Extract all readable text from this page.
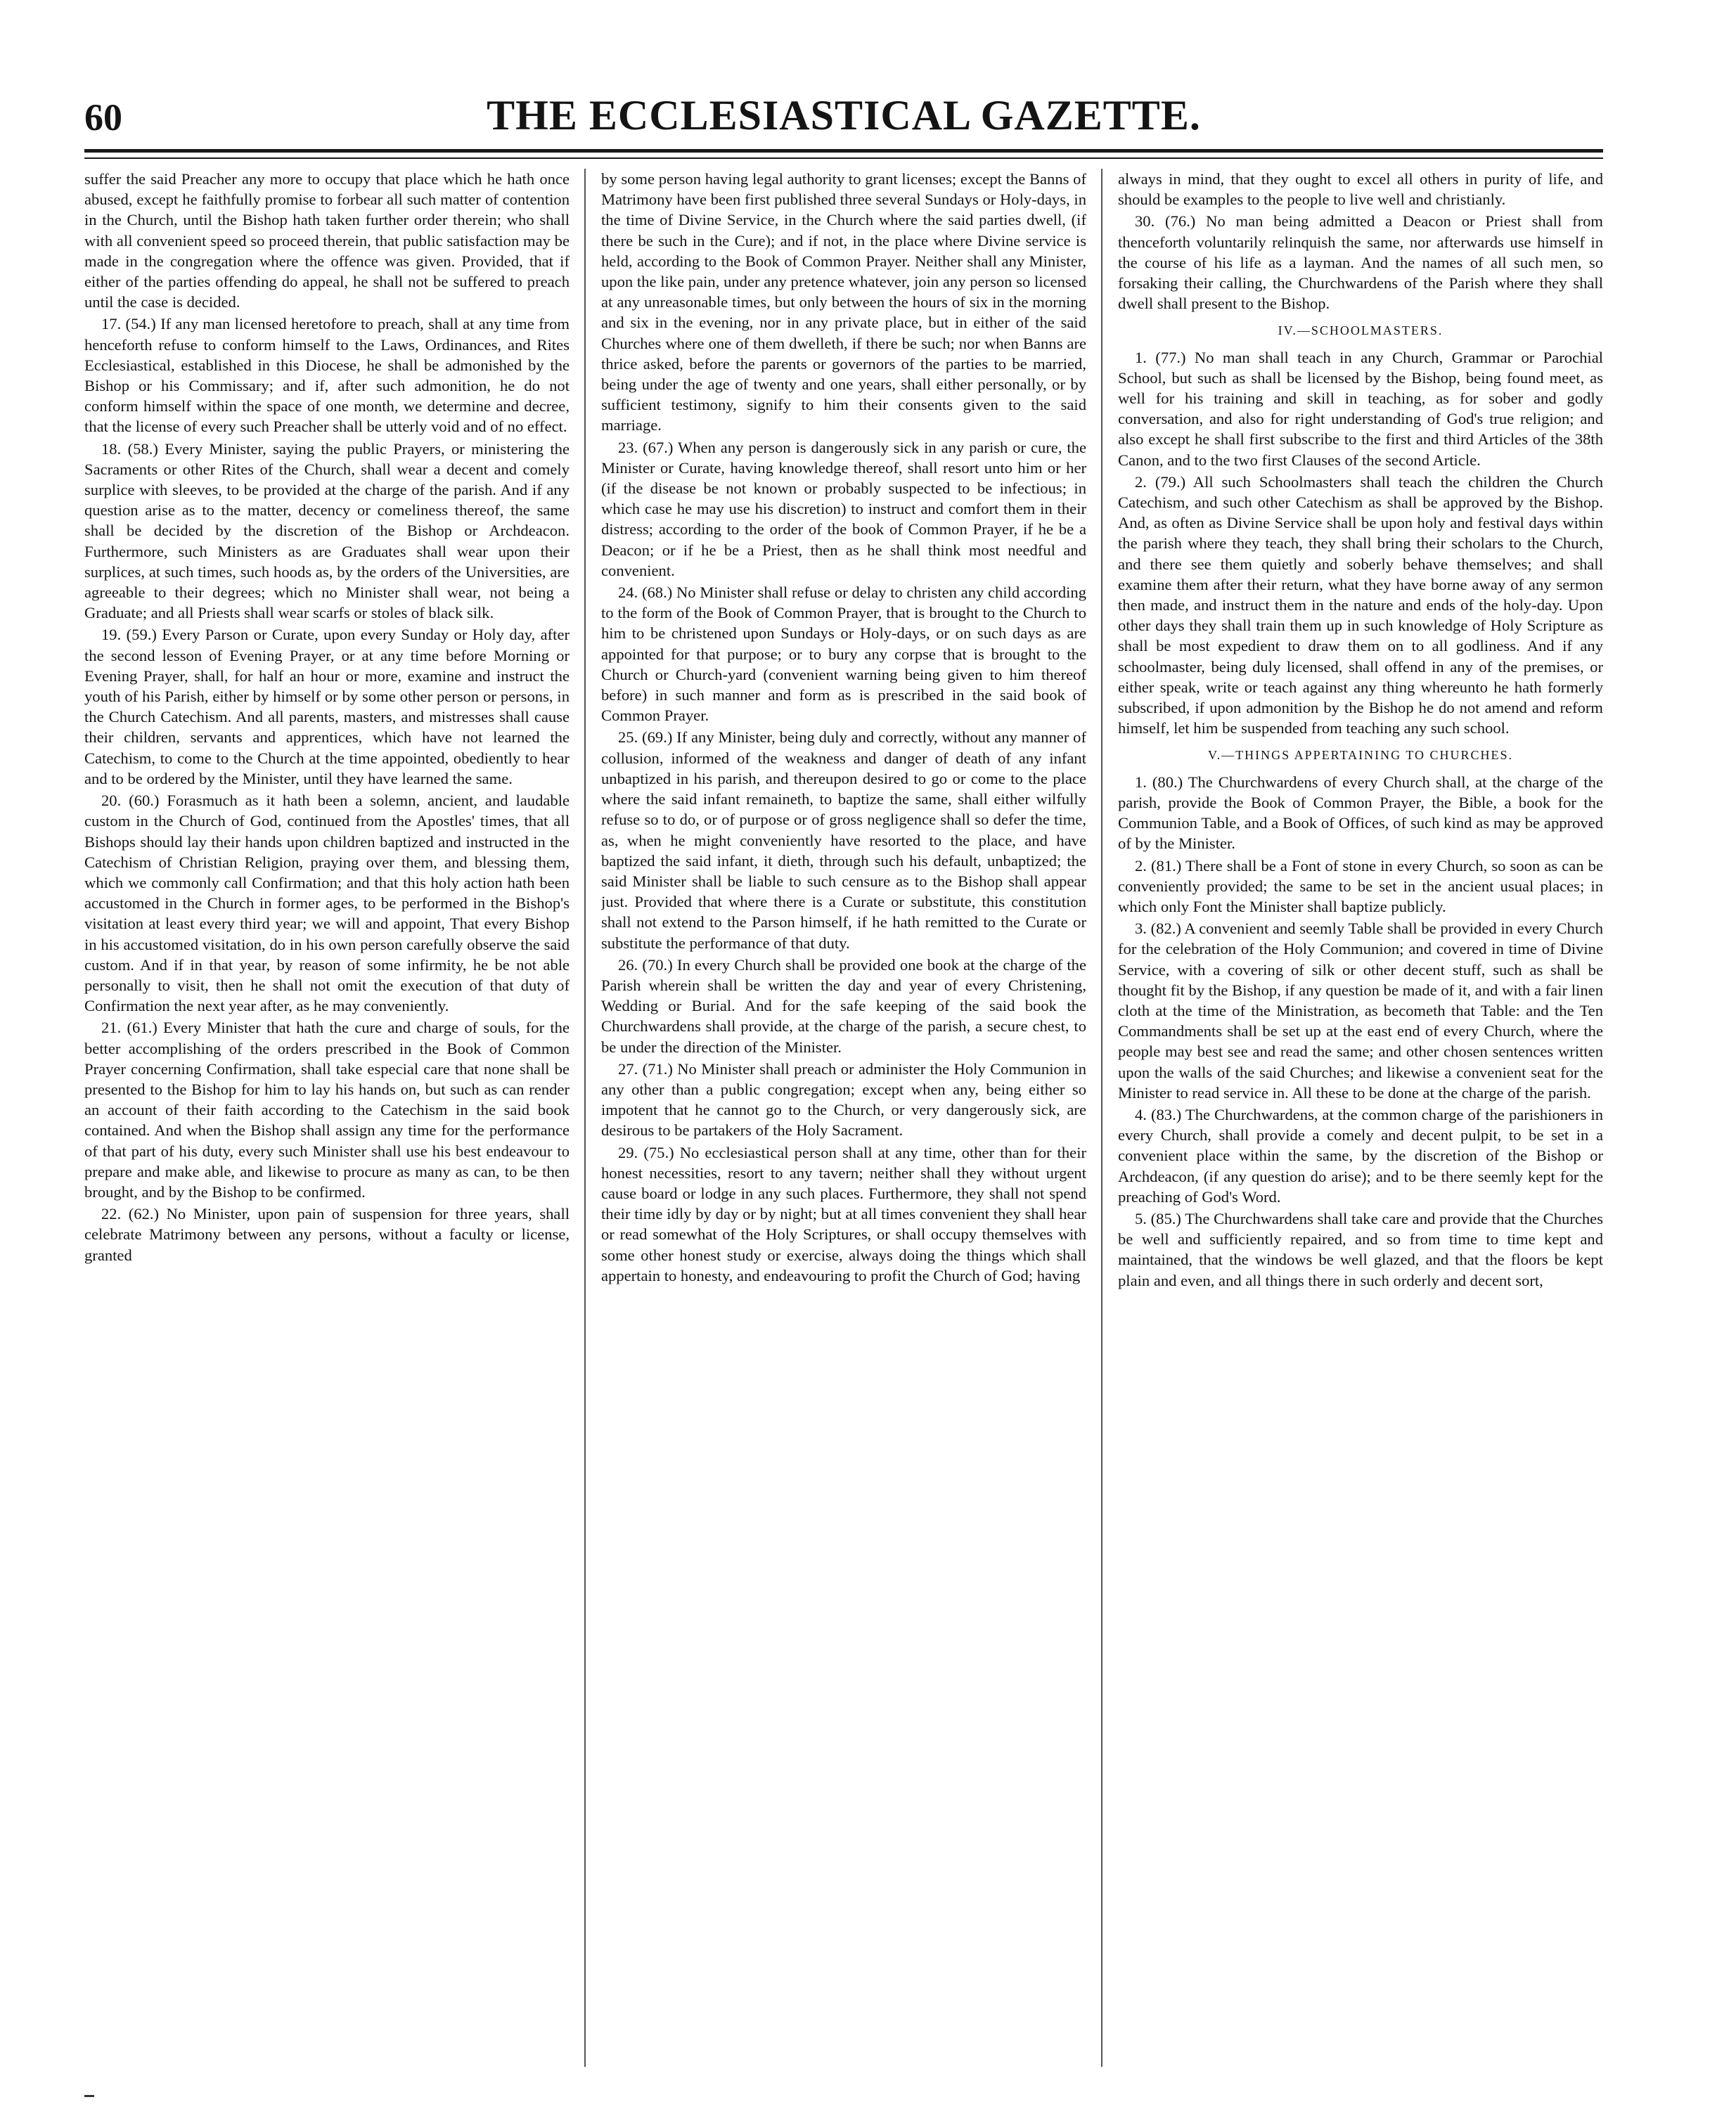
60	THE ECCLESIASTICAL GAZETTE.

suffer the said Preacher any more to occupy that place which he hath once abused, except he faithfully promise to forbear all such matter of contention in the Church, until the Bishop hath taken further order therein; who shall with all convenient speed so proceed therein, that public satisfaction may be made in the congregation where the offence was given. Provided, that if either of the parties offending do appeal, he shall not be suffered to preach until the case is decided.

17. (54.) If any man licensed heretofore to preach, shall at any time from henceforth refuse to conform himself to the Laws, Ordinances, and Rites Ecclesiastical, established in this Diocese, he shall be admonished by the Bishop or his Commissary; and if, after such admonition, he do not conform himself within the space of one month, we determine and decree, that the license of every such Preacher shall be utterly void and of no effect.

18. (58.) Every Minister, saying the public Prayers, or ministering the Sacraments or other Rites of the Church, shall wear a decent and comely surplice with sleeves, to be provided at the charge of the parish. And if any question arise as to the matter, decency or comeliness thereof, the same shall be decided by the discretion of the Bishop or Archdeacon. Furthermore, such Ministers as are Graduates shall wear upon their surplices, at such times, such hoods as, by the orders of the Universities, are agreeable to their degrees; which no Minister shall wear, not being a Graduate; and all Priests shall wear scarfs or stoles of black silk.

19. (59.) Every Parson or Curate, upon every Sunday or Holy day, after the second lesson of Evening Prayer, or at any time before Morning or Evening Prayer, shall, for half an hour or more, examine and instruct the youth of his Parish, either by himself or by some other person or persons, in the Church Catechism. And all parents, masters, and mistresses shall cause their children, servants and apprentices, which have not learned the Catechism, to come to the Church at the time appointed, obediently to hear and to be ordered by the Minister, until they have learned the same.

20. (60.) Forasmuch as it hath been a solemn, ancient, and laudable custom in the Church of God, continued from the Apostles' times, that all Bishops should lay their hands upon children baptized and instructed in the Catechism of Christian Religion, praying over them, and blessing them, which we commonly call Confirmation; and that this holy action hath been accustomed in the Church in former ages, to be performed in the Bishop's visitation at least every third year; we will and appoint, That every Bishop in his accustomed visitation, do in his own person carefully observe the said custom. And if in that year, by reason of some infirmity, he be not able personally to visit, then he shall not omit the execution of that duty of Confirmation the next year after, as he may conveniently.

21. (61.) Every Minister that hath the cure and charge of souls, for the better accomplishing of the orders prescribed in the Book of Common Prayer concerning Confirmation, shall take especial care that none shall be presented to the Bishop for him to lay his hands on, but such as can render an account of their faith according to the Catechism in the said book contained. And when the Bishop shall assign any time for the performance of that part of his duty, every such Minister shall use his best endeavour to prepare and make able, and likewise to procure as many as can, to be then brought, and by the Bishop to be confirmed.

22. (62.) No Minister, upon pain of suspension for three years, shall celebrate Matrimony between any persons, without a faculty or license, granted

by some person having legal authority to grant licenses; except the Banns of Matrimony have been first published three several Sundays or Holy-days, in the time of Divine Service, in the Church where the said parties dwell, (if there be such in the Cure); and if not, in the place where Divine service is held, according to the Book of Common Prayer. Neither shall any Minister, upon the like pain, under any pretence whatever, join any person so licensed at any unreasonable times, but only between the hours of six in the morning and six in the evening, nor in any private place, but in either of the said Churches where one of them dwelleth, if there be such; nor when Banns are thrice asked, before the parents or governors of the parties to be married, being under the age of twenty and one years, shall either personally, or by sufficient testimony, signify to him their consents given to the said marriage.

23. (67.) When any person is dangerously sick in any parish or cure, the Minister or Curate, having knowledge thereof, shall resort unto him or her (if the disease be not known or probably suspected to be infectious; in which case he may use his discretion) to instruct and comfort them in their distress; according to the order of the book of Common Prayer, if he be a Deacon; or if he be a Priest, then as he shall think most needful and convenient.

24. (68.) No Minister shall refuse or delay to christen any child according to the form of the Book of Common Prayer, that is brought to the Church to him to be christened upon Sundays or Holy-days, or on such days as are appointed for that purpose; or to bury any corpse that is brought to the Church or Church-yard (convenient warning being given to him thereof before) in such manner and form as is prescribed in the said book of Common Prayer.

25. (69.) If any Minister, being duly and correctly, without any manner of collusion, informed of the weakness and danger of death of any infant unbaptized in his parish, and thereupon desired to go or come to the place where the said infant remaineth, to baptize the same, shall either wilfully refuse so to do, or of purpose or of gross negligence shall so defer the time, as, when he might conveniently have resorted to the place, and have baptized the said infant, it dieth, through such his default, unbaptized; the said Minister shall be liable to such censure as to the Bishop shall appear just. Provided that where there is a Curate or substitute, this constitution shall not extend to the Parson himself, if he hath remitted to the Curate or substitute the performance of that duty.

26. (70.) In every Church shall be provided one book at the charge of the Parish wherein shall be written the day and year of every Christening, Wedding or Burial. And for the safe keeping of the said book the Churchwardens shall provide, at the charge of the parish, a secure chest, to be under the direction of the Minister.

27. (71.) No Minister shall preach or administer the Holy Communion in any other than a public congregation; except when any, being either so impotent that he cannot go to the Church, or very dangerously sick, are desirous to be partakers of the Holy Sacrament.

29. (75.) No ecclesiastical person shall at any time, other than for their honest necessities, resort to any tavern; neither shall they without urgent cause board or lodge in any such places. Furthermore, they shall not spend their time idly by day or by night; but at all times convenient they shall hear or read somewhat of the Holy Scriptures, or shall occupy themselves with some other honest study or exercise, always doing the things which shall appertain to honesty, and endeavouring to profit the Church of God; having

always in mind, that they ought to excel all others in purity of life, and should be examples to the people to live well and christianly.

30. (76.) No man being admitted a Deacon or Priest shall from thenceforth voluntarily relinquish the same, nor afterwards use himself in the course of his life as a layman. And the names of all such men, so forsaking their calling, the Churchwardens of the Parish where they shall dwell shall present to the Bishop.

IV.—SCHOOLMASTERS.

1. (77.) No man shall teach in any Church, Grammar or Parochial School, but such as shall be licensed by the Bishop, being found meet, as well for his training and skill in teaching, as for sober and godly conversation, and also for right understanding of God's true religion; and also except he shall first subscribe to the first and third Articles of the 38th Canon, and to the two first Clauses of the second Article.

2. (79.) All such Schoolmasters shall teach the children the Church Catechism, and such other Catechism as shall be approved by the Bishop. And, as often as Divine Service shall be upon holy and festival days within the parish where they teach, they shall bring their scholars to the Church, and there see them quietly and soberly behave themselves; and shall examine them after their return, what they have borne away of any sermon then made, and instruct them in the nature and ends of the holy-day. Upon other days they shall train them up in such knowledge of Holy Scripture as shall be most expedient to draw them on to all godliness. And if any schoolmaster, being duly licensed, shall offend in any of the premises, or either speak, write or teach against any thing whereunto he hath formerly subscribed, if upon admonition by the Bishop he do not amend and reform himself, let him be suspended from teaching any such school.

V.—THINGS APPERTAINING TO CHURCHES.

1. (80.) The Churchwardens of every Church shall, at the charge of the parish, provide the Book of Common Prayer, the Bible, a book for the Communion Table, and a Book of Offices, of such kind as may be approved of by the Minister.

2. (81.) There shall be a Font of stone in every Church, so soon as can be conveniently provided; the same to be set in the ancient usual places; in which only Font the Minister shall baptize publicly.

3. (82.) A convenient and seemly Table shall be provided in every Church for the celebration of the Holy Communion; and covered in time of Divine Service, with a covering of silk or other decent stuff, such as shall be thought fit by the Bishop, if any question be made of it, and with a fair linen cloth at the time of the Ministration, as becometh that Table: and the Ten Commandments shall be set up at the east end of every Church, where the people may best see and read the same; and other chosen sentences written upon the walls of the said Churches; and likewise a convenient seat for the Minister to read service in. All these to be done at the charge of the parish.

4. (83.) The Churchwardens, at the common charge of the parishioners in every Church, shall provide a comely and decent pulpit, to be set in a convenient place within the same, by the discretion of the Bishop or Archdeacon, (if any question do arise); and to be there seemly kept for the preaching of God's Word.

5. (85.) The Churchwardens shall take care and provide that the Churches be well and sufficiently repaired, and so from time to time kept and maintained, that the windows be well glazed, and that the floors be kept plain and even, and all things there in such orderly and decent sort,
